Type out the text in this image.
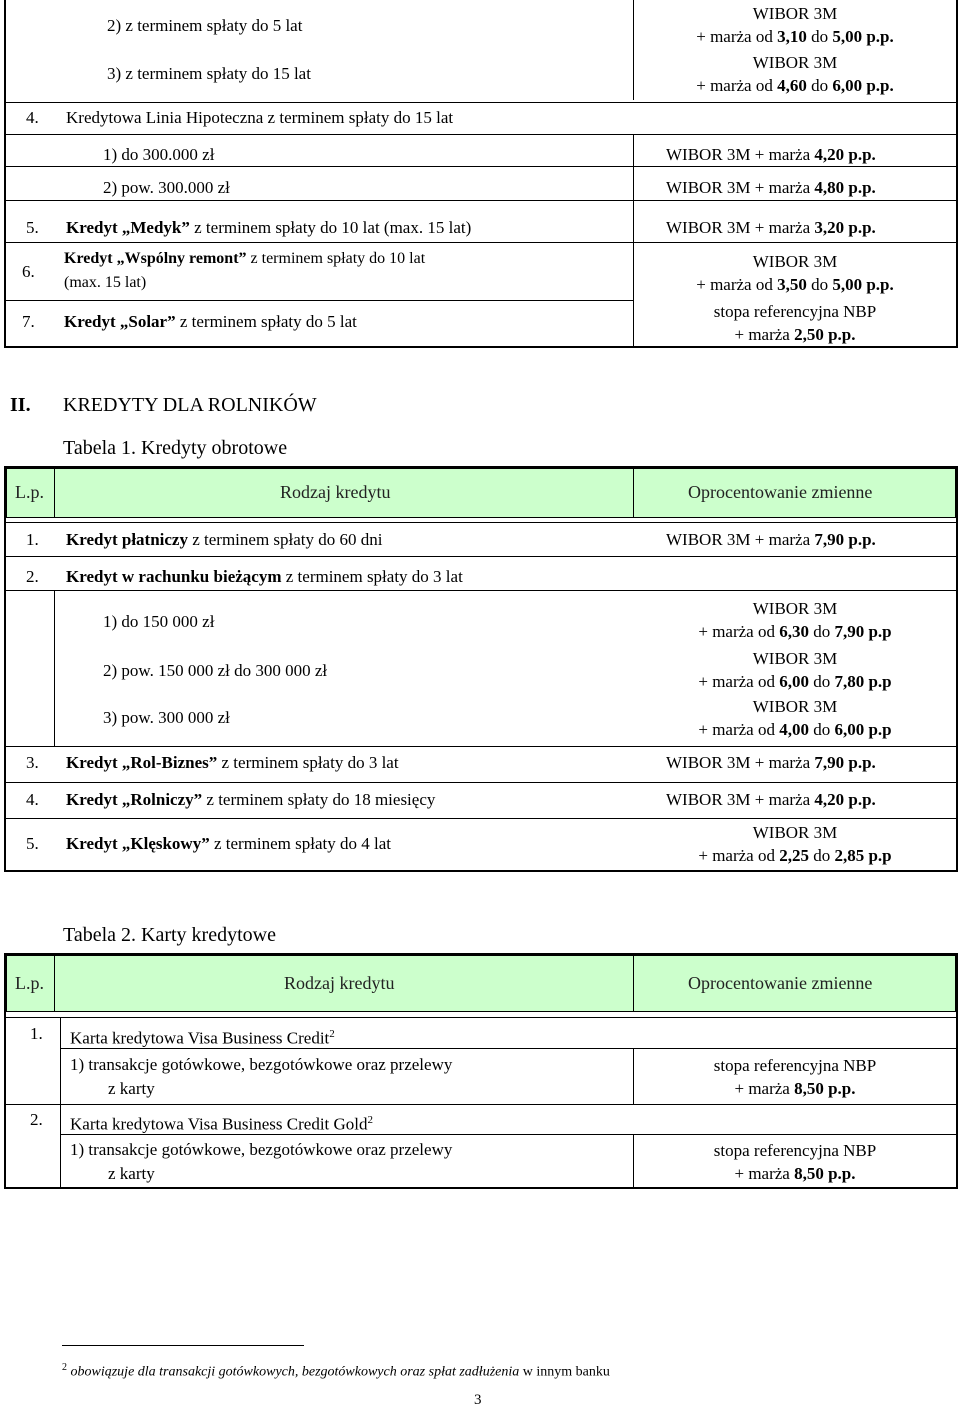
2) z terminem spłaty do 5 lat
WIBOR 3M
+ marża od 3,10 do 5,00 p.p.
3) z terminem spłaty do 15 lat
WIBOR 3M
+ marża od 4,60 do 6,00 p.p.
4. Kredytowa Linia Hipoteczna z terminem spłaty do 15 lat
1) do 300.000 zł	WIBOR 3M + marża 4,20 p.p.
2) pow. 300.000 zł	WIBOR 3M + marża 4,80 p.p.
5. Kredyt „Medyk” z terminem spłaty do 10 lat (max. 15 lat)	WIBOR 3M + marża 3,20 p.p.
6.
Kredyt „Wspólny remont” z terminem spłaty do 10 lat
(max. 15 lat)
WIBOR 3M
+ marża od 3,50 do 5,00 p.p.
7. Kredyt „Solar” z terminem spłaty do 5 lat
stopa referencyjna NBP
+ marża 2,50 p.p.
II. KREDYTY DLA ROLNIKÓW
Tabela 1. Kredyty obrotowe
L.p.	Rodzaj kredytu	Oprocentowanie zmienne
1. Kredyt płatniczy z terminem spłaty do 60 dni	WIBOR 3M + marża 7,90 p.p.
2. Kredyt w rachunku bieżącym z terminem spłaty do 3 lat
1) do 150 000 zł
WIBOR 3M
+ marża od 6,30 do 7,90 p.p
2) pow. 150 000 zł do 300 000 zł
WIBOR 3M
+ marża od 6,00 do 7,80 p.p
3) pow. 300 000 zł
WIBOR 3M
+ marża od 4,00 do 6,00 p.p
3. Kredyt „Rol-Biznes” z terminem spłaty do 3 lat	WIBOR 3M + marża 7,90 p.p.
4. Kredyt „Rolniczy” z terminem spłaty do 18 miesięcy	WIBOR 3M + marża 4,20 p.p.
5. Kredyt „Klęskowy” z terminem spłaty do 4 lat
WIBOR 3M
+ marża od 2,25 do 2,85 p.p
Tabela 2. Karty kredytowe
L.p.	Rodzaj kredytu	Oprocentowanie zmienne
1. Karta kredytowa Visa Business Credit$^2$
1) transakcje gotówkowe, bezgotówkowe oraz przelewy
z karty
stopa referencyjna NBP
+ marża 8,50 p.p.
2. Karta kredytowa Visa Business Credit Gold$^2$
1) transakcje gotówkowe, bezgotówkowe oraz przelewy
z karty
stopa referencyjna NBP
+ marża 8,50 p.p.
$^2$ obowiązuje dla transakcji gotówkowych, bezgotówkowych oraz spłat zadłużenia w innym banku
3
